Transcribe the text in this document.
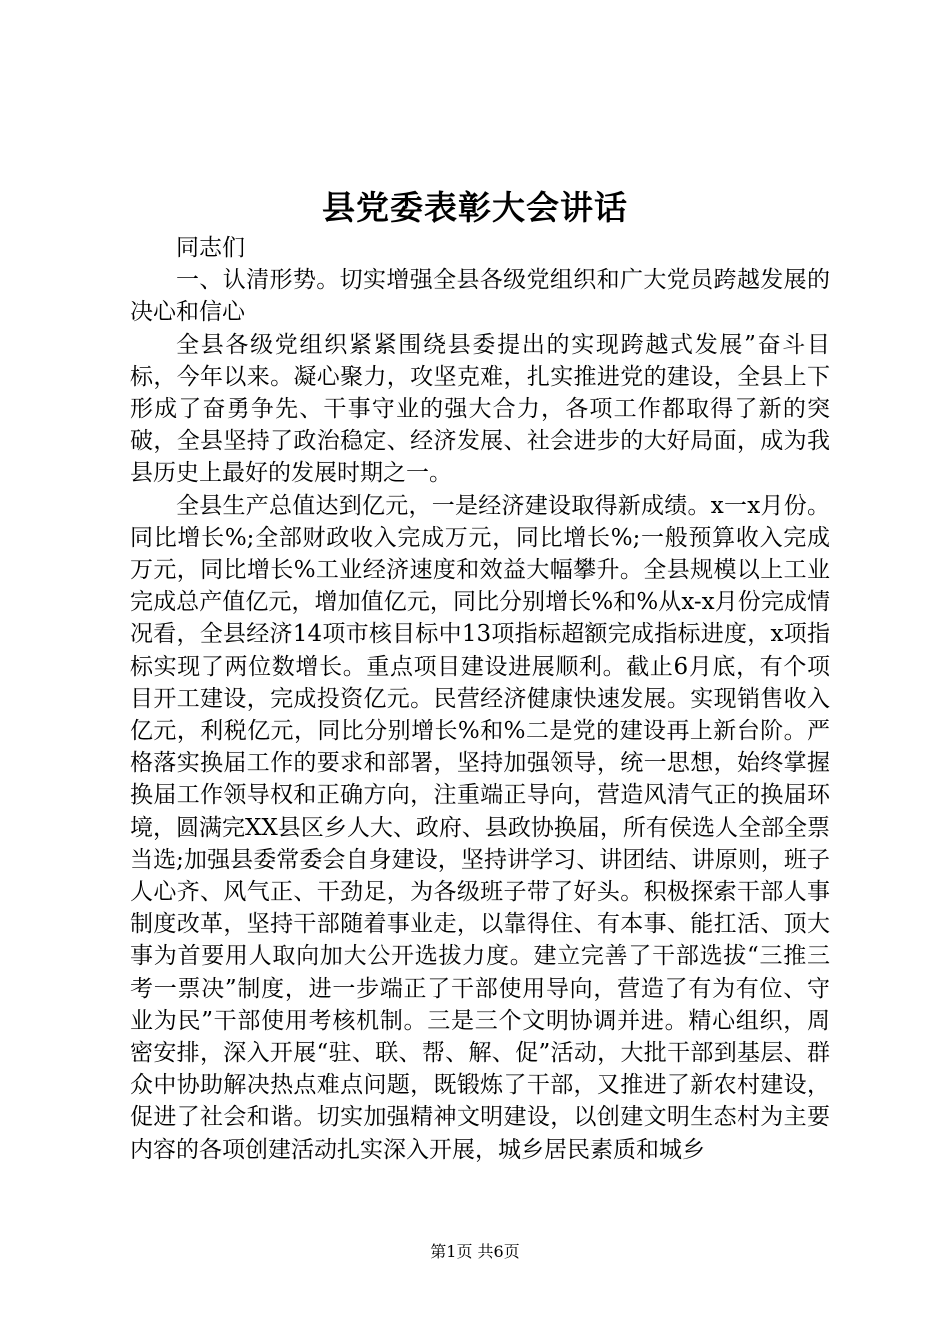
县党委表彰大会讲话

同志们

一、认清形势。切实增强全县各级党组织和广大党员跨越发展的决心和信心

全县各级党组织紧紧围绕县委提出的实现跨越式发展”奋斗目标，今年以来。凝心聚力，攻坚克难，扎实推进党的建设，全县上下形成了奋勇争先、干事守业的强大合力，各项工作都取得了新的突破，全县坚持了政治稳定、经济发展、社会进步的大好局面，成为我县历史上最好的发展时期之一。

全县生产总值达到亿元，一是经济建设取得新成绩。x一x月份。同比增长%;全部财政收入完成万元，同比增长%;一般预算收入完成万元，同比增长%工业经济速度和效益大幅攀升。全县规模以上工业完成总产值亿元，增加值亿元，同比分别增长%和%从x-x月份完成情况看，全县经济14项市核目标中13项指标超额完成指标进度，x项指标实现了两位数增长。重点项目建设进展顺利。截止6月底，有个项目开工建设，完成投资亿元。民营经济健康快速发展。实现销售收入亿元，利税亿元，同比分别增长%和%二是党的建设再上新台阶。严格落实换届工作的要求和部署，坚持加强领导，统一思想，始终掌握换届工作领导权和正确方向，注重端正导向，营造风清气正的换届环境，圆满完XX县区乡人大、政府、县政协换届，所有侯选人全部全票当选;加强县委常委会自身建设，坚持讲学习、讲团结、讲原则，班子人心齐、风气正、干劲足，为各级班子带了好头。积极探索干部人事制度改革，坚持干部随着事业走，以靠得住、有本事、能扛活、顶大事为首要用人取向加大公开选拔力度。建立完善了干部选拔“三推三考一票决”制度，进一步端正了干部使用导向，营造了有为有位、守业为民”干部使用考核机制。三是三个文明协调并进。精心组织，周密安排，深入开展“驻、联、帮、解、促”活动，大批干部到基层、群众中协助解决热点难点问题，既锻炼了干部，又推进了新农村建设，促进了社会和谐。切实加强精神文明建设，以创建文明生态村为主要内容的各项创建活动扎实深入开展，城乡居民素质和城乡

第1页 共6页
